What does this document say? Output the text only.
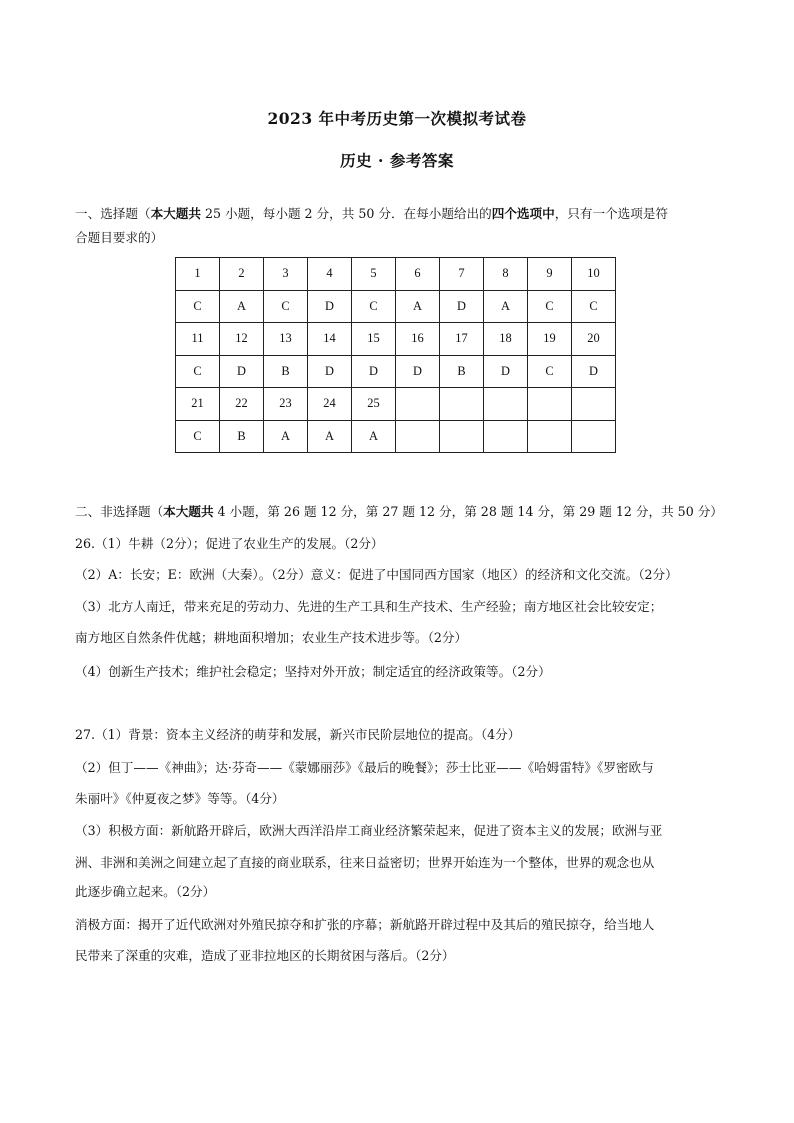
2023 年中考历史第一次模拟考试卷
历史 · 参考答案
一、选择题（本大题共 25 小题，每小题 2 分，共 50 分．在每小题给出的四个选项中，只有一个选项是符
合题目要求的）
1	2	3	4	5	6	7	8	9	10
C	A	C	D	C	A	D	A	C	C
11	12	13	14	15	16	17	18	19	20
C	D	B	D	D	D	B	D	C	D
21	22	23	24	25					
C	B	A	A	A					
二、非选择题（本大题共 4 小题，第 26 题 12 分，第 27 题 12 分，第 28 题 14 分，第 29 题 12 分，共 50 分）
26.（1）牛耕（2分）；促进了农业生产的发展。（2分）
（2）A：长安；E：欧洲（大秦）。（2分）意义：促进了中国同西方国家（地区）的经济和文化交流。（2分）
（3）北方人南迁，带来充足的劳动力、先进的生产工具和生产技术、生产经验；南方地区社会比较安定；
南方地区自然条件优越；耕地面积增加；农业生产技术进步等。（2分）
（4）创新生产技术；维护社会稳定；坚持对外开放；制定适宜的经济政策等。（2分）
27.（1）背景：资本主义经济的萌芽和发展，新兴市民阶层地位的提高。（4分）
（2）但丁——《神曲》；达·芬奇——《蒙娜丽莎》《最后的晚餐》；莎士比亚——《哈姆雷特》《罗密欧与
朱丽叶》《仲夏夜之梦》等等。（4分）
（3）积极方面：新航路开辟后，欧洲大西洋沿岸工商业经济繁荣起来，促进了资本主义的发展；欧洲与亚
洲、非洲和美洲之间建立起了直接的商业联系，往来日益密切；世界开始连为一个整体，世界的观念也从
此逐步确立起来。（2分）
消极方面：揭开了近代欧洲对外殖民掠夺和扩张的序幕；新航路开辟过程中及其后的殖民掠夺，给当地人
民带来了深重的灾难，造成了亚非拉地区的长期贫困与落后。（2分）
